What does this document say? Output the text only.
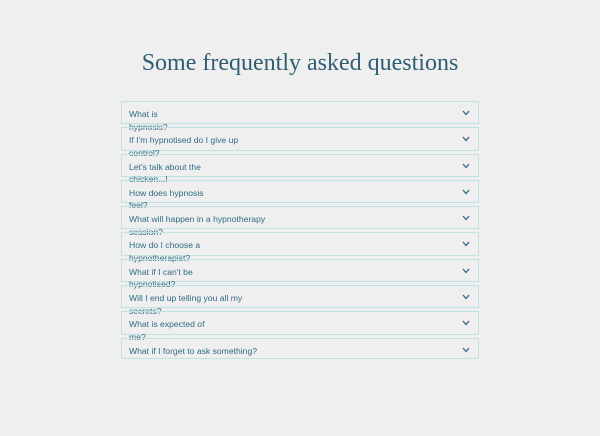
Some frequently asked questions
What is
hypnosis?
If I'm hypnotised do I give up
control?
Let's talk about the
chicken...!
How does hypnosis
feel?
What will happen in a hypnotherapy
session?
How do I choose a
hypnotherapist?
What if I can't be
hypnotised?
Will I end up telling you all my
secrets?
What is expected of
me?
What if I forget to ask something?
